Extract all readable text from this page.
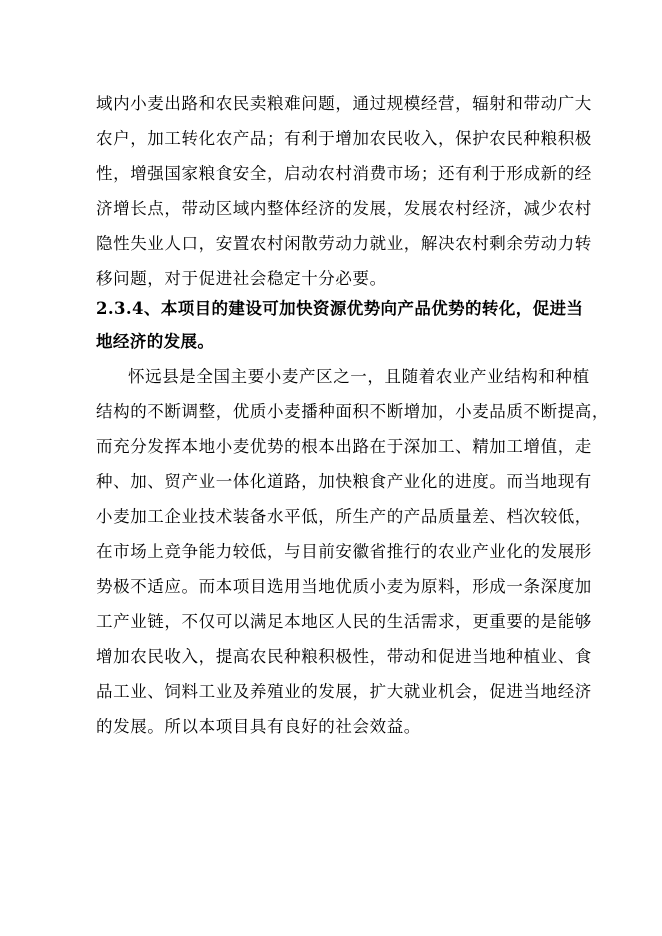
域内小麦出路和农民卖粮难问题，通过规模经营，辐射和带动广大
农户，加工转化农产品；有利于增加农民收入，保护农民种粮积极
性，增强国家粮食安全，启动农村消费市场；还有利于形成新的经
济增长点，带动区域内整体经济的发展，发展农村经济，减少农村
隐性失业人口，安置农村闲散劳动力就业，解决农村剩余劳动力转
移问题，对于促进社会稳定十分必要。
2.3.4、本项目的建设可加快资源优势向产品优势的转化，促进当
地经济的发展。
怀远县是全国主要小麦产区之一，且随着农业产业结构和种植
结构的不断调整，优质小麦播种面积不断增加，小麦品质不断提高，
而充分发挥本地小麦优势的根本出路在于深加工、精加工增值，走
种、加、贸产业一体化道路，加快粮食产业化的进度。而当地现有
小麦加工企业技术装备水平低，所生产的产品质量差、档次较低，
在市场上竞争能力较低，与目前安徽省推行的农业产业化的发展形
势极不适应。而本项目选用当地优质小麦为原料，形成一条深度加
工产业链，不仅可以满足本地区人民的生活需求，更重要的是能够
增加农民收入，提高农民种粮积极性，带动和促进当地种植业、食
品工业、饲料工业及养殖业的发展，扩大就业机会，促进当地经济
的发展。所以本项目具有良好的社会效益。
